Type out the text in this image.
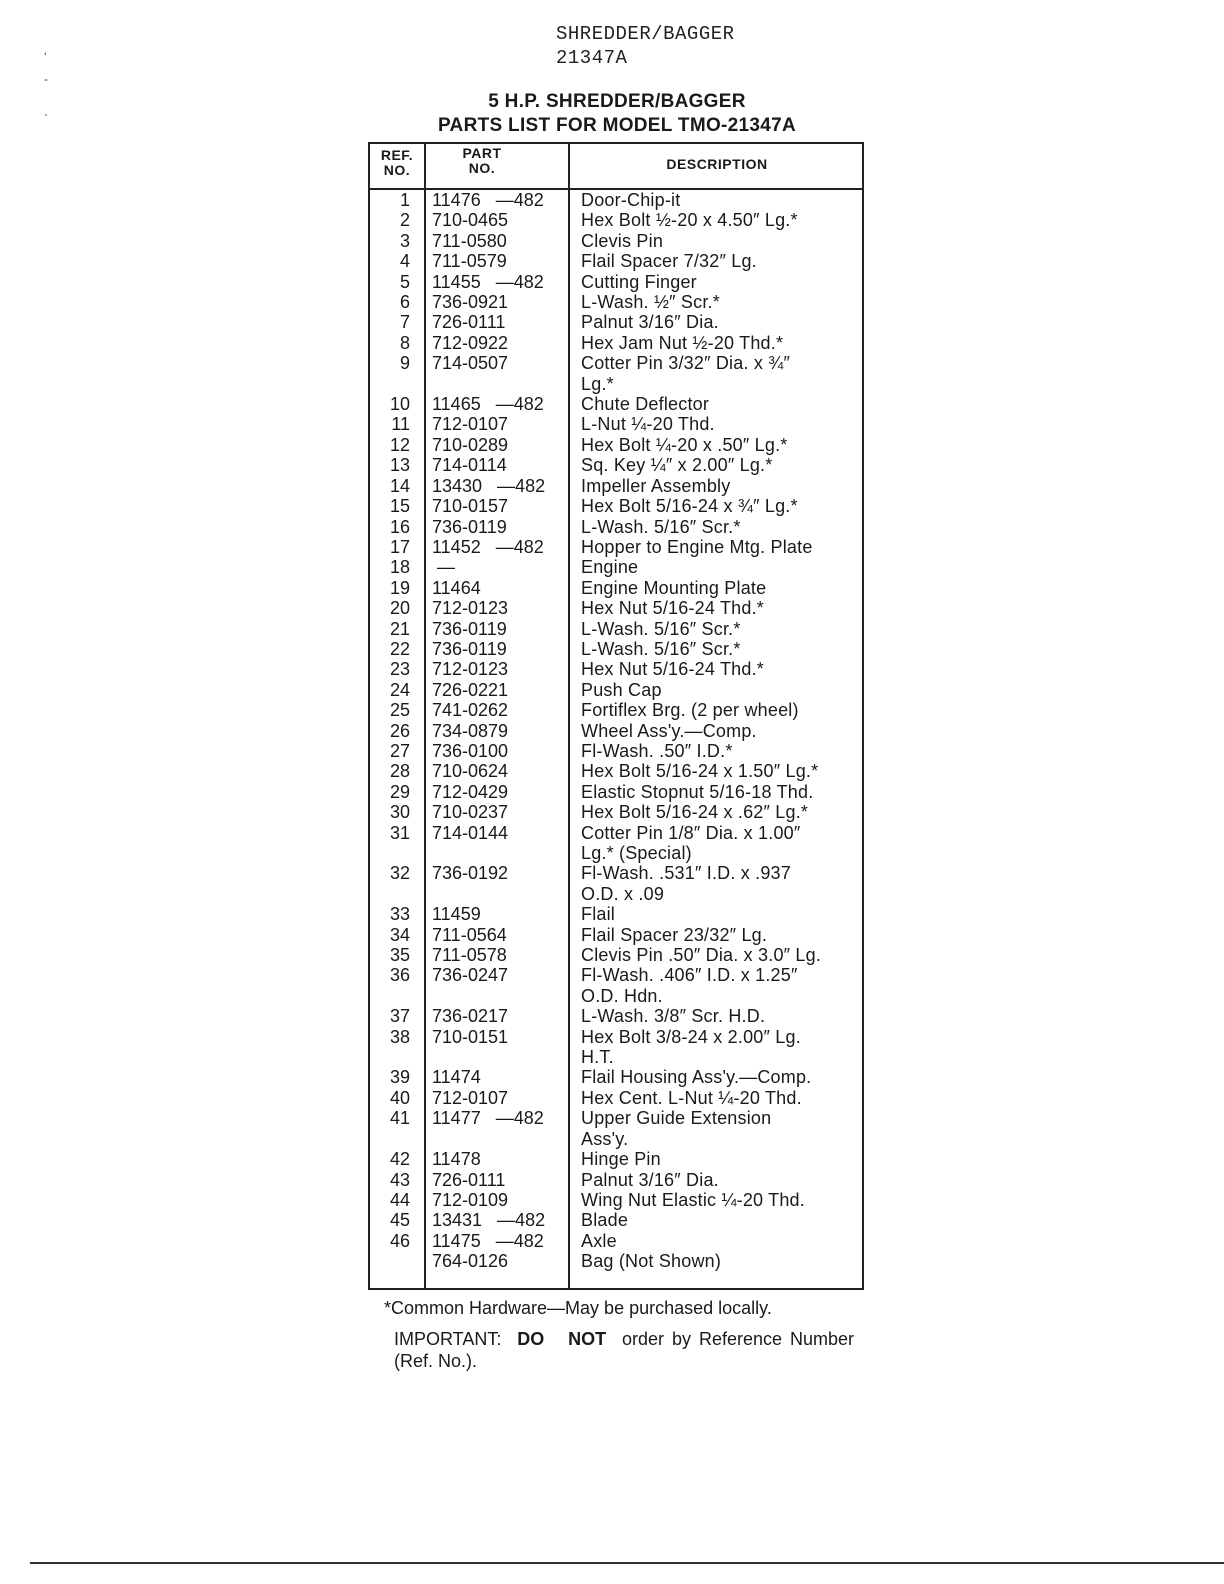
SHREDDER/BAGGER
21347A
ʻ
-
`
5 H.P. SHREDDER/BAGGER
PARTS LIST FOR MODEL TMO-21347A
REF. NO.
PART NO.	DESCRIPTION
1 11476   —482	Door-Chip-it
2 710-0465	Hex Bolt ½-20 x 4.50″ Lg.*
3 711-0580	Clevis Pin
4 711-0579	Flail Spacer 7/32″ Lg.
5 11455   —482	Cutting Finger
6 736-0921	L-Wash. ½″ Scr.*
7 726-0111	Palnut 3/16″ Dia.
8 712-0922	Hex Jam Nut ½-20 Thd.*
9 714-0507	Cotter Pin 3/32″ Dia. x ¾″
Lg.*
10 11465   —482	Chute Deflector
11 712-0107	L-Nut ¼-20 Thd.
12 710-0289	Hex Bolt ¼-20 x .50″ Lg.*
13 714-0114	Sq. Key ¼″ x 2.00″ Lg.*
14 13430   —482	Impeller Assembly
15 710-0157	Hex Bolt 5/16-24 x ¾″ Lg.*
16 736-0119	L-Wash. 5/16″ Scr.*
17 11452   —482	Hopper to Engine Mtg. Plate
18 —	Engine
19 11464	Engine Mounting Plate
20 712-0123	Hex Nut 5/16-24 Thd.*
21 736-0119	L-Wash. 5/16″ Scr.*
22 736-0119	L-Wash. 5/16″ Scr.*
23 712-0123	Hex Nut 5/16-24 Thd.*
24 726-0221	Push Cap
25 741-0262	Fortiflex Brg. (2 per wheel)
26 734-0879	Wheel Ass'y.—Comp.
27 736-0100	Fl-Wash. .50″ I.D.*
28 710-0624	Hex Bolt 5/16-24 x 1.50″ Lg.*
29 712-0429	Elastic Stopnut 5/16-18 Thd.
30 710-0237	Hex Bolt 5/16-24 x .62″ Lg.*
31 714-0144	Cotter Pin 1/8″ Dia. x 1.00″
Lg.* (Special)
32 736-0192	Fl-Wash. .531″ I.D. x .937
O.D. x .09
33 11459	Flail
34 711-0564	Flail Spacer 23/32″ Lg.
35 711-0578	Clevis Pin .50″ Dia. x 3.0″ Lg.
36 736-0247	Fl-Wash. .406″ I.D. x 1.25″
O.D. Hdn.
37 736-0217	L-Wash. 3/8″ Scr. H.D.
38 710-0151	Hex Bolt 3/8-24 x 2.00″ Lg.
H.T.
39 11474	Flail Housing Ass'y.—Comp.
40 712-0107	Hex Cent. L-Nut ¼-20 Thd.
41 11477   —482	Upper Guide Extension
Ass'y.
42 11478	Hinge Pin
43 726-0111	Palnut 3/16″ Dia.
44 712-0109	Wing Nut Elastic ¼-20 Thd.
45 13431   —482	Blade
46 11475   —482	Axle
764-0126	Bag (Not Shown)
*Common Hardware—May be purchased locally.
IMPORTANT: DO NOT order by Reference Number (Ref. No.).
